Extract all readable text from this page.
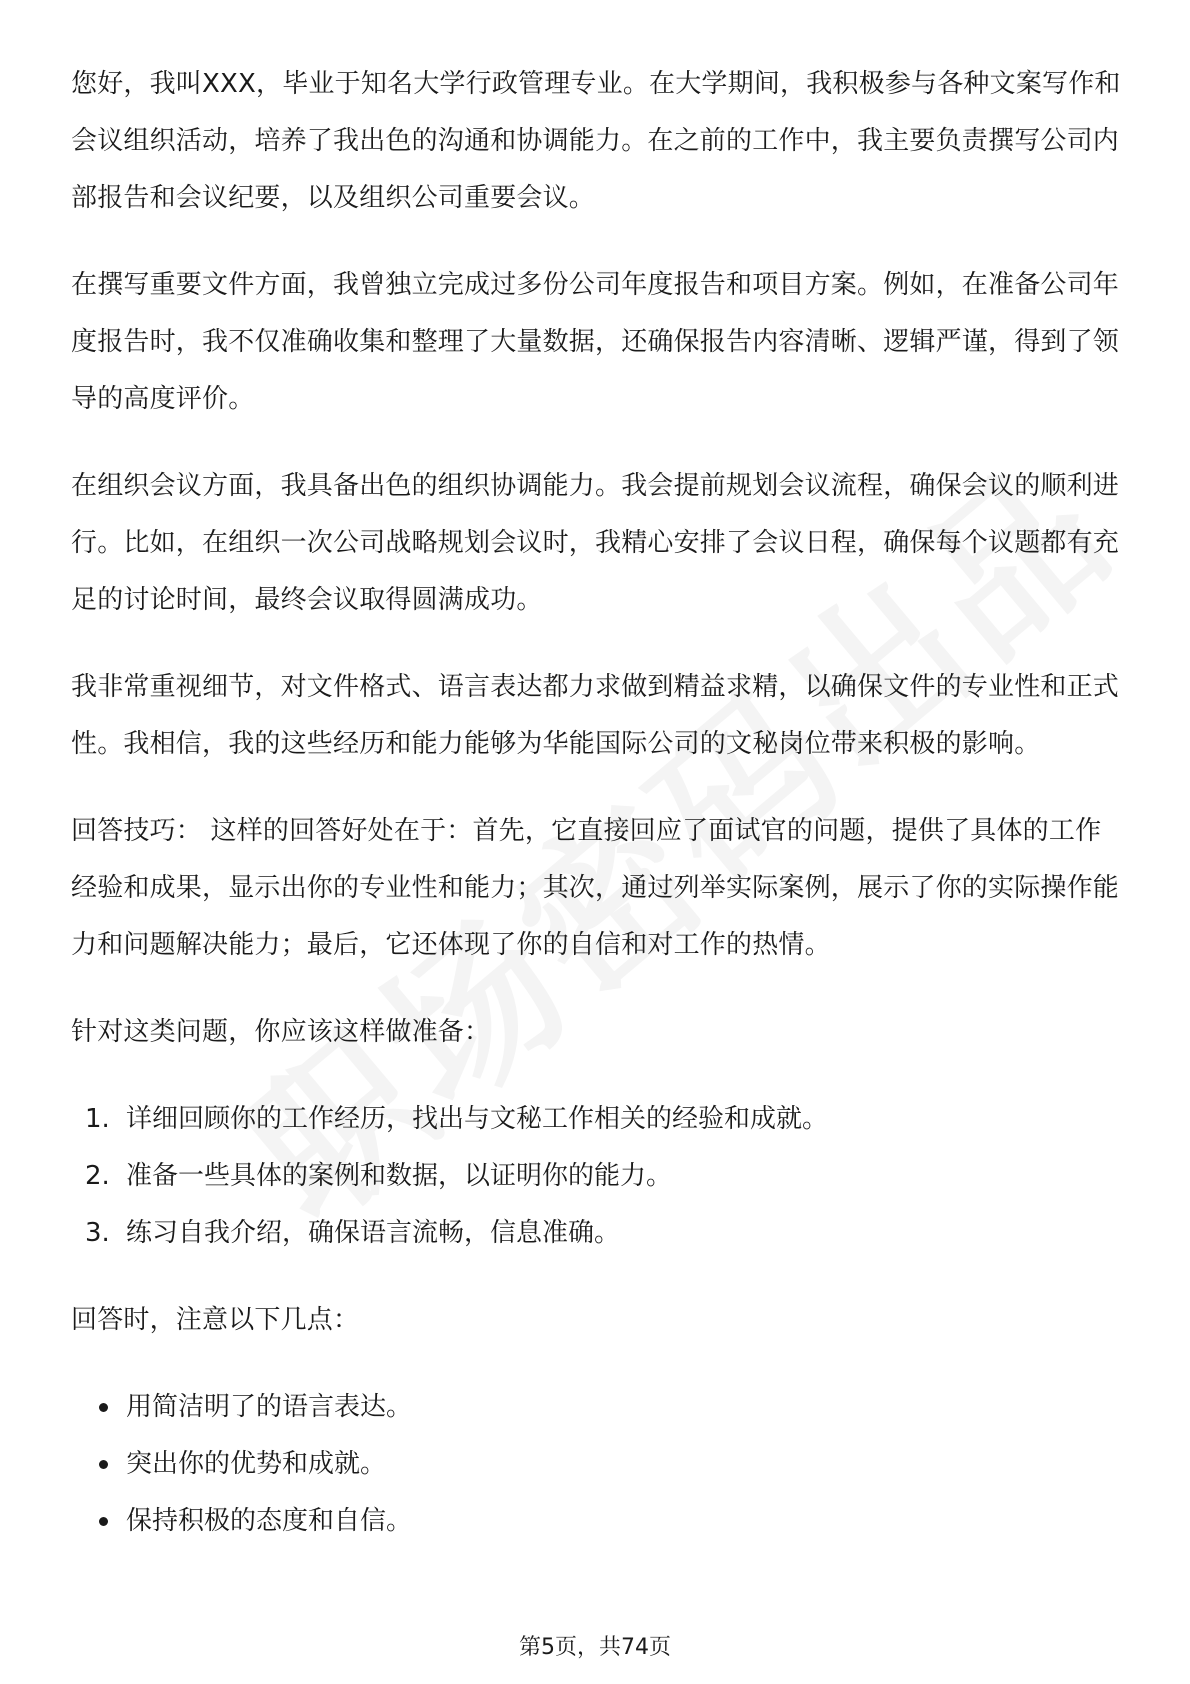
您好，我叫XXX，毕业于知名大学行政管理专业。在大学期间，我积极参与各种文案写作和会议组织活动，培养了我出色的沟通和协调能力。在之前的工作中，我主要负责撰写公司内部报告和会议纪要，以及组织公司重要会议。

在撰写重要文件方面，我曾独立完成过多份公司年度报告和项目方案。例如，在准备公司年度报告时，我不仅准确收集和整理了大量数据，还确保报告内容清晰、逻辑严谨，得到了领导的高度评价。

在组织会议方面，我具备出色的组织协调能力。我会提前规划会议流程，确保会议的顺利进行。比如，在组织一次公司战略规划会议时，我精心安排了会议日程，确保每个议题都有充足的讨论时间，最终会议取得圆满成功。

我非常重视细节，对文件格式、语言表达都力求做到精益求精，以确保文件的专业性和正式性。我相信，我的这些经历和能力能够为华能国际公司的文秘岗位带来积极的影响。

回答技巧： 这样的回答好处在于：首先，它直接回应了面试官的问题，提供了具体的工作经验和成果，显示出你的专业性和能力；其次，通过列举实际案例，展示了你的实际操作能力和问题解决能力；最后，它还体现了你的自信和对工作的热情。

针对这类问题，你应该这样做准备：

1. 详细回顾你的工作经历，找出与文秘工作相关的经验和成就。
2. 准备一些具体的案例和数据，以证明你的能力。
3. 练习自我介绍，确保语言流畅，信息准确。

回答时，注意以下几点：

用简洁明了的语言表达。
突出你的优势和成就。
保持积极的态度和自信。
第5页，共74页
